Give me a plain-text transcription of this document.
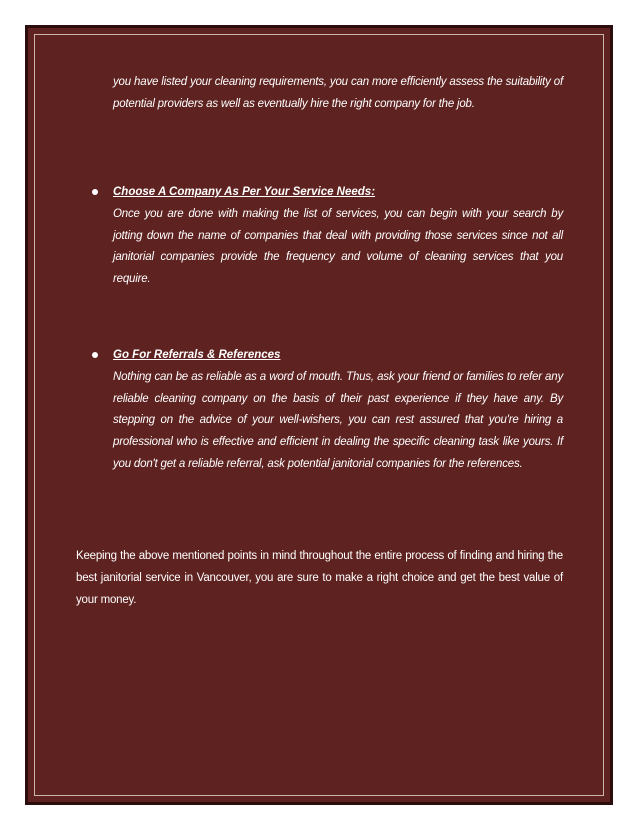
you have listed your cleaning requirements, you can more efficiently assess the suitability of potential providers as well as eventually hire the right company for the job.

Choose A Company As Per Your Service Needs:

Once you are done with making the list of services, you can begin with your search by jotting down the name of companies that deal with providing those services since not all janitorial companies provide the frequency and volume of cleaning services that you require.

Go For Referrals & References

Nothing can be as reliable as a word of mouth. Thus, ask your friend or families to refer any reliable cleaning company on the basis of their past experience if they have any. By stepping on the advice of your well-wishers, you can rest assured that you're hiring a professional who is effective and efficient in dealing the specific cleaning task like yours. If you don't get a reliable referral, ask potential janitorial companies for the references.

Keeping the above mentioned points in mind throughout the entire process of finding and hiring the best janitorial service in Vancouver, you are sure to make a right choice and get the best value of your money.
